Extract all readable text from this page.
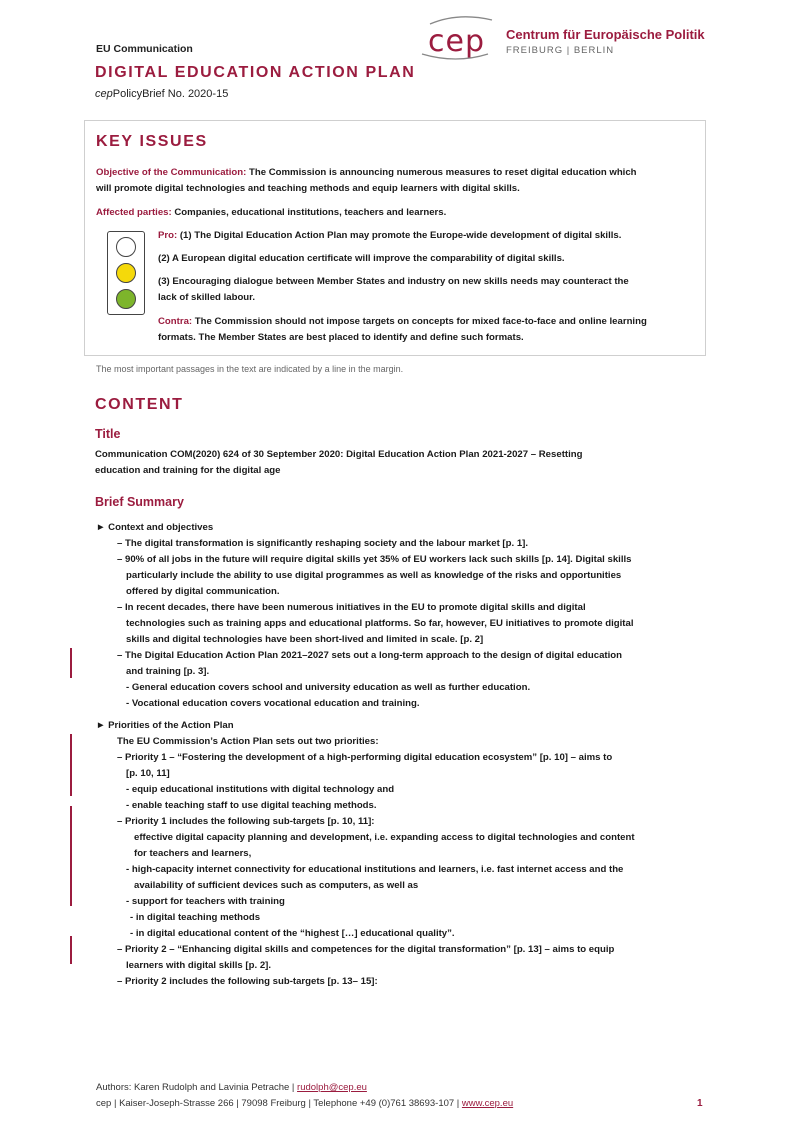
EU Communication	cep Centrum für Europäische Politik
FREIBURG | BERLIN
DIGITAL EDUCATION ACTION PLAN
cepPolicyBrief No. 2020-15
KEY ISSUES
Objective of the Communication: The Commission is announcing numerous measures to reset digital education which
will promote digital technologies and teaching methods and equip learners with digital skills.
Affected parties: Companies, educational institutions, teachers and learners.
Pro: (1) The Digital Education Action Plan may promote the Europe-wide development of digital skills.
(2) A European digital education certificate will improve the comparability of digital skills.
(3) Encouraging dialogue between Member States and industry on new skills needs may counteract the
lack of skilled labour.
Contra: The Commission should not impose targets on concepts for mixed face-to-face and online learning
formats. The Member States are best placed to identify and define such formats.
The most important passages in the text are indicated by a line in the margin.
CONTENT
Title
Communication COM(2020) 624 of 30 September 2020: Digital Education Action Plan 2021-2027 – Resetting
education and training for the digital age
Brief Summary
► Context and objectives
– The digital transformation is significantly reshaping society and the labour market [p. 1].
– 90% of all jobs in the future will require digital skills yet 35% of EU workers lack such skills [p. 14]. Digital skills
particularly include the ability to use digital programmes as well as knowledge of the risks and opportunities
offered by digital communication.
– In recent decades, there have been numerous initiatives in the EU to promote digital skills and digital
technologies such as training apps and educational platforms. So far, however, EU initiatives to promote digital
skills and digital technologies have been short-lived and limited in scale. [p. 2]
– The Digital Education Action Plan 2021–2027 sets out a long-term approach to the design of digital education
and training [p. 3].
- General education covers school and university education as well as further education.
- Vocational education covers vocational education and training.
► Priorities of the Action Plan
The EU Commission’s Action Plan sets out two priorities:
– Priority 1 – “Fostering the development of a high-performing digital education ecosystem” [p. 10] – aims to
[p. 10, 11]
- equip educational institutions with digital technology and
- enable teaching staff to use digital teaching methods.
– Priority 1 includes the following sub-targets [p. 10, 11]:
effective digital capacity planning and development, i.e. expanding access to digital technologies and content
for teachers and learners,
- high-capacity internet connectivity for educational institutions and learners, i.e. fast internet access and the
availability of sufficient devices such as computers, as well as
- support for teachers with training
- in digital teaching methods
- in digital educational content of the “highest […] educational quality”.
– Priority 2 – “Enhancing digital skills and competences for the digital transformation” [p. 13] – aims to equip
learners with digital skills [p. 2].
– Priority 2 includes the following sub-targets [p. 13– 15]:
Authors: Karen Rudolph and Lavinia Petrache | rudolph@cep.eu
cep | Kaiser-Joseph-Strasse 266 | 79098 Freiburg | Telephone +49 (0)761 38693-107 | www.cep.eu	1
